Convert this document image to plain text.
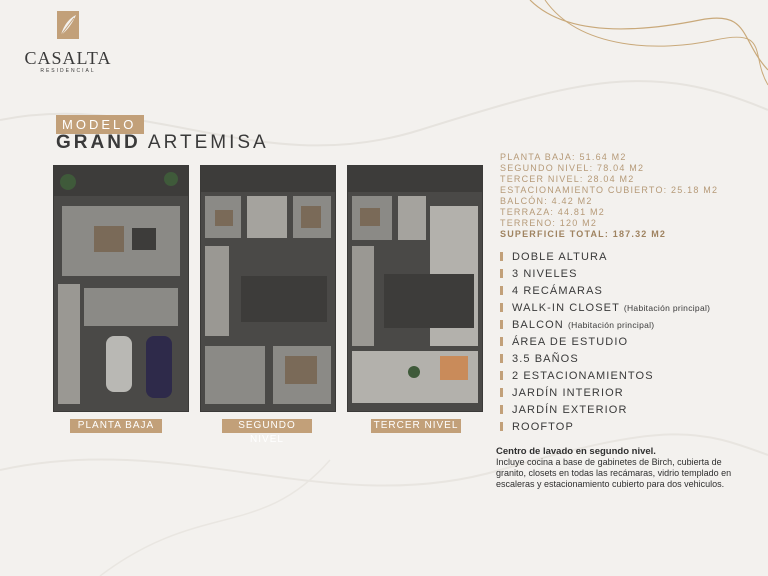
CASALTA
RESIDENCIAL
MODELO
GRAND ARTEMISA
PLANTA BAJA	SEGUNDO NIVEL
TERCER NIVEL
PLANTA BAJA: 51.64 M2
SEGUNDO NIVEL: 78.04 M2
TERCER NIVEL: 28.04 M2
ESTACIONAMIENTO CUBIERTO: 25.18 M2
BALCÓN: 4.42 M2
TERRAZA: 44.81 M2
TERRENO: 120 M2
SUPERFICIE TOTAL: 187.32 M2
DOBLE ALTURA
3 NIVELES
4 RECÁMARAS
WALK-IN CLOSET (Habitación principal)
BALCON (Habitación principal)
ÁREA DE ESTUDIO
3.5 BAÑOS
2 ESTACIONAMIENTOS
JARDÍN INTERIOR
JARDÍN EXTERIOR
ROOFTOP
Centro de lavado en segundo nivel.
Incluye cocina a base de gabinetes de Birch, cubierta de granito, closets en todas las recámaras, vidrio templado en escaleras y estacionamiento cubierto para dos vehiculos.
